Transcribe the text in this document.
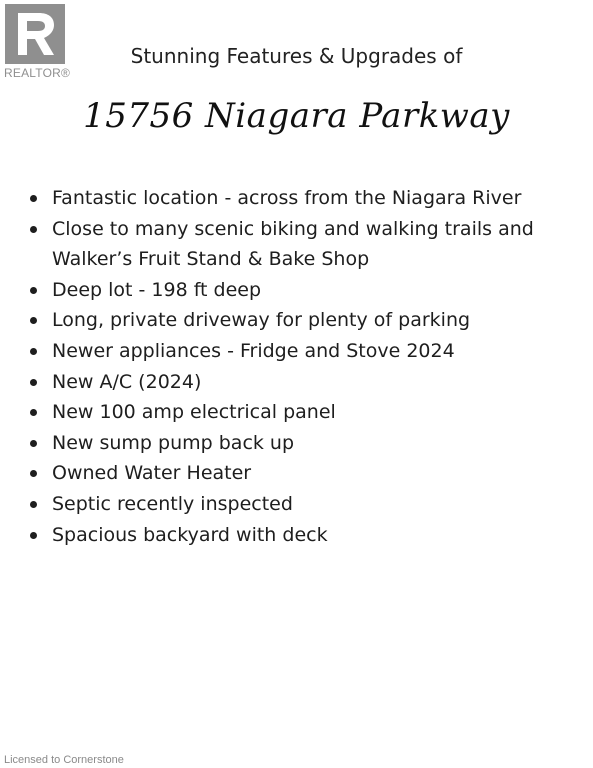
REALTOR®
Stunning Features & Upgrades of
15756 Niagara Parkway
Fantastic location - across from the Niagara River
Close to many scenic biking and walking trails and
Walker’s Fruit Stand & Bake Shop
Deep lot - 198 ft deep
Long, private driveway for plenty of parking
Newer appliances - Fridge and Stove 2024
New A/C (2024)
New 100 amp electrical panel
New sump pump back up
Owned Water Heater
Septic recently inspected
Spacious backyard with deck
Licensed to Cornerstone
